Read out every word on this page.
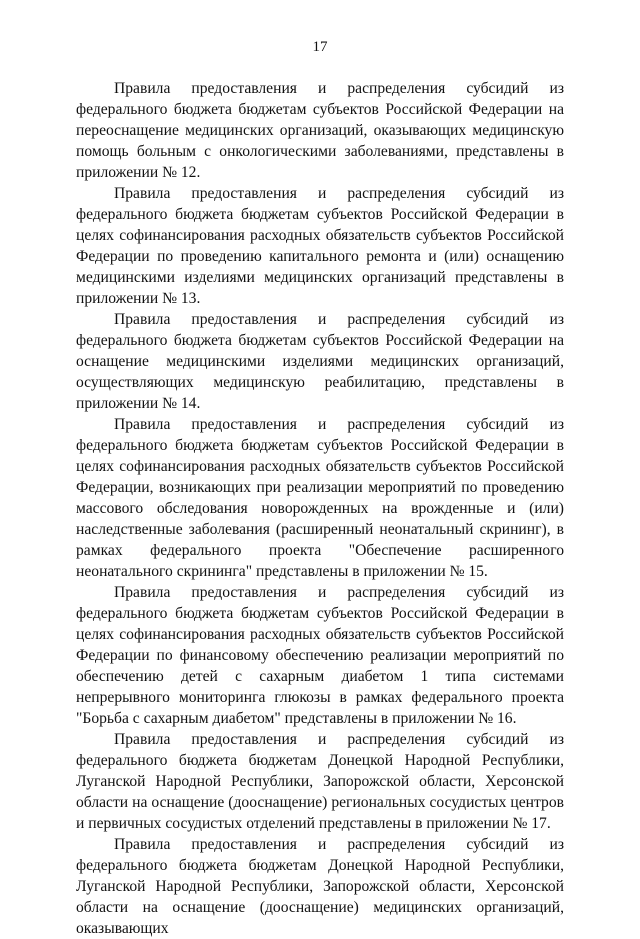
17

Правила предоставления и распределения субсидий из федерального бюджета бюджетам субъектов Российской Федерации на переоснащение медицинских организаций, оказывающих медицинскую помощь больным с онкологическими заболеваниями, представлены в приложении № 12.

Правила предоставления и распределения субсидий из федерального бюджета бюджетам субъектов Российской Федерации в целях софинансирования расходных обязательств субъектов Российской Федерации по проведению капитального ремонта и (или) оснащению медицинскими изделиями медицинских организаций представлены в приложении № 13.

Правила предоставления и распределения субсидий из федерального бюджета бюджетам субъектов Российской Федерации на оснащение медицинскими изделиями медицинских организаций, осуществляющих медицинскую реабилитацию, представлены в приложении № 14.

Правила предоставления и распределения субсидий из федерального бюджета бюджетам субъектов Российской Федерации в целях софинансирования расходных обязательств субъектов Российской Федерации, возникающих при реализации мероприятий по проведению массового обследования новорожденных на врожденные и (или) наследственные заболевания (расширенный неонатальный скрининг), в рамках федерального проекта "Обеспечение расширенного неонатального скрининга" представлены в приложении № 15.

Правила предоставления и распределения субсидий из федерального бюджета бюджетам субъектов Российской Федерации в целях софинансирования расходных обязательств субъектов Российской Федерации по финансовому обеспечению реализации мероприятий по обеспечению детей с сахарным диабетом 1 типа системами непрерывного мониторинга глюкозы в рамках федерального проекта "Борьба с сахарным диабетом" представлены в приложении № 16.

Правила предоставления и распределения субсидий из федерального бюджета бюджетам Донецкой Народной Республики, Луганской Народной Республики, Запорожской области, Херсонской области на оснащение (дооснащение) региональных сосудистых центров и первичных сосудистых отделений представлены в приложении № 17.

Правила предоставления и распределения субсидий из федерального бюджета бюджетам Донецкой Народной Республики, Луганской Народной Республики, Запорожской области, Херсонской области на оснащение (дооснащение) медицинских организаций, оказывающих
